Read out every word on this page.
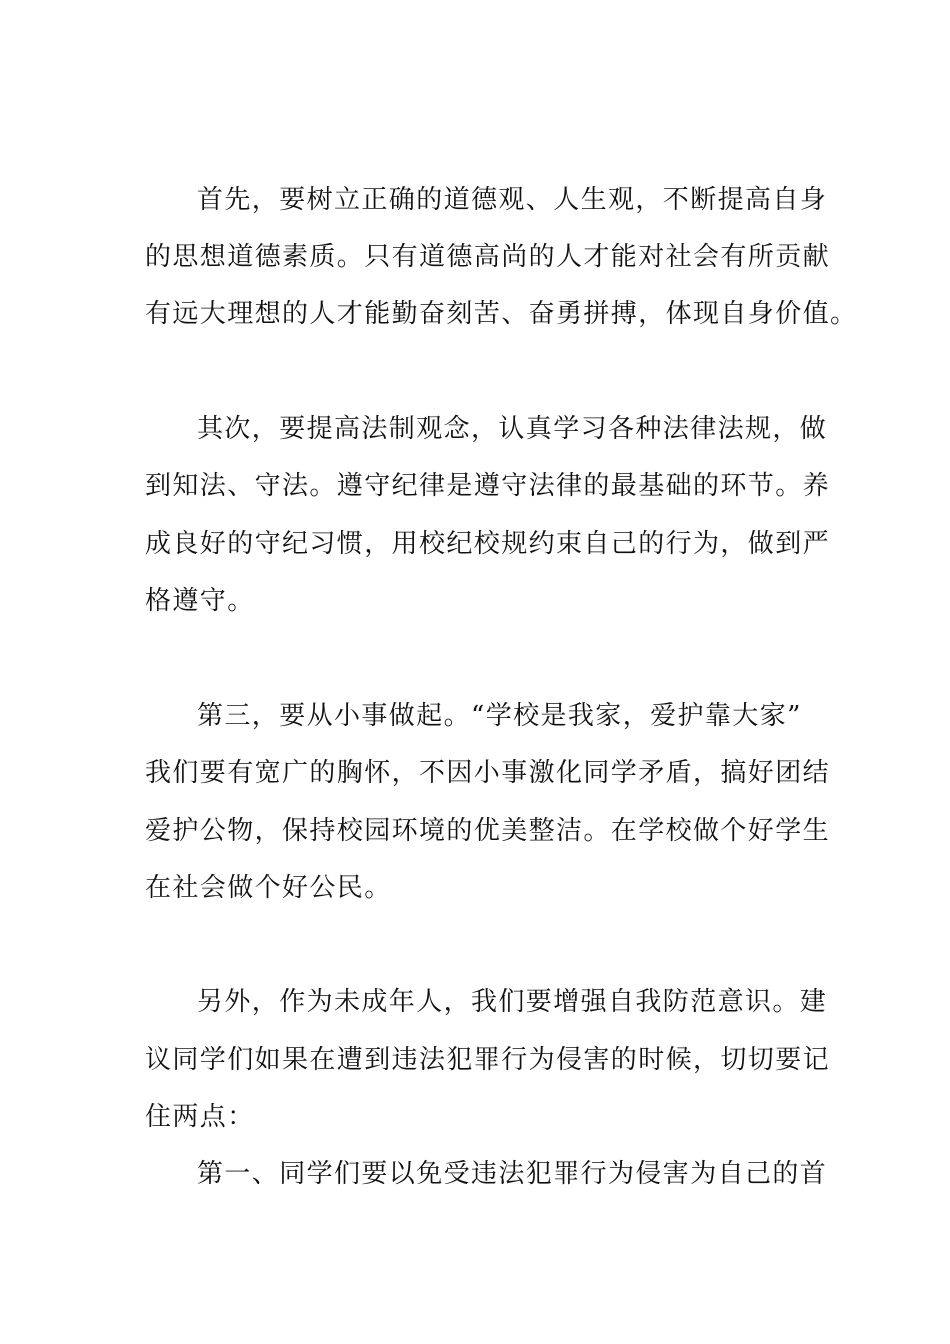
首先，要树立正确的道德观、人生观，不断提高自身
的思想道德素质。只有道德高尚的人才能对社会有所贡献
有远大理想的人才能勤奋刻苦、奋勇拼搏，体现自身价值。
其次，要提高法制观念，认真学习各种法律法规，做
到知法、守法。遵守纪律是遵守法律的最基础的环节。养
成良好的守纪习惯，用校纪校规约束自己的行为，做到严
格遵守。
第三，要从小事做起。“学校是我家，爱护靠大家”
我们要有宽广的胸怀，不因小事激化同学矛盾，搞好团结
爱护公物，保持校园环境的优美整洁。在学校做个好学生
在社会做个好公民。
另外，作为未成年人，我们要增强自我防范意识。建
议同学们如果在遭到违法犯罪行为侵害的时候，切切要记
住两点：
第一、同学们要以免受违法犯罪行为侵害为自己的首
